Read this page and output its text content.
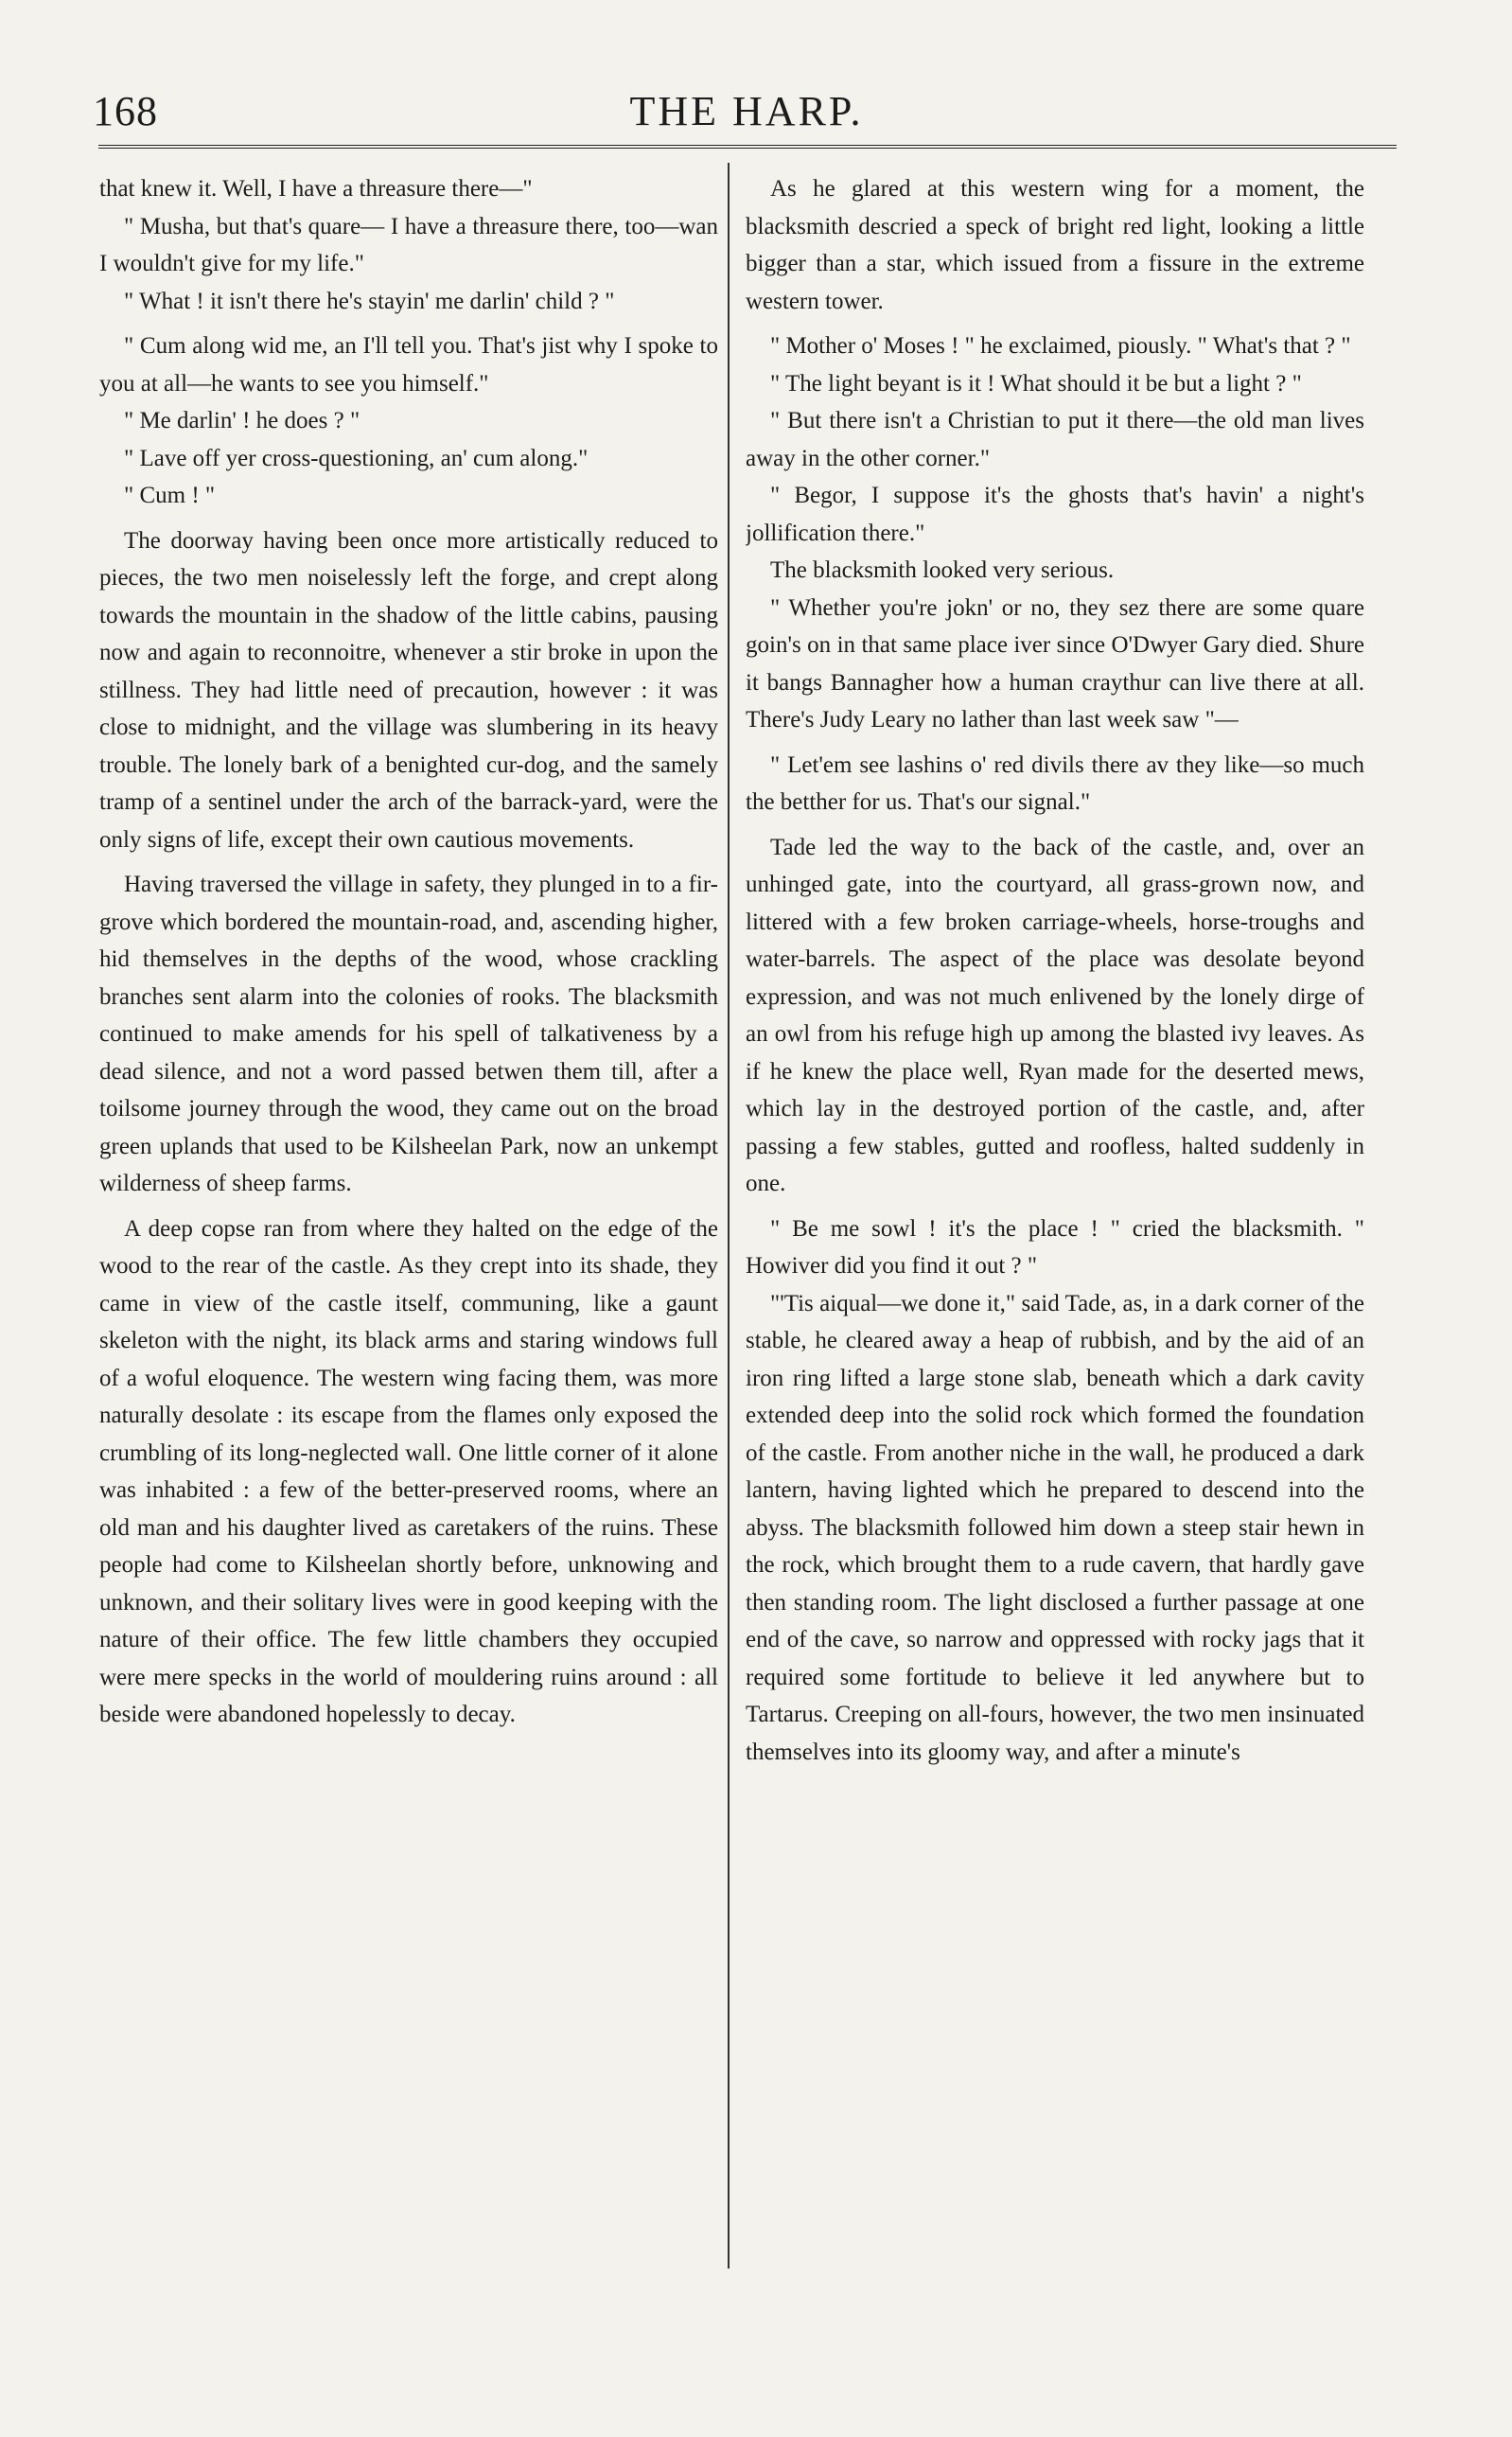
168	THE HARP.

that knew it. Well, I have a threasure there—"

" Musha, but that's quare— I have a threasure there, too—wan I wouldn't give for my life."

" What ! it isn't there he's stayin' me darlin' child ? "

" Cum along wid me, an I'll tell you. That's jist why I spoke to you at all—he wants to see you himself."

" Me darlin' ! he does ? "

" Lave off yer cross-questioning, an' cum along."

" Cum ! "

The doorway having been once more artistically reduced to pieces, the two men noiselessly left the forge, and crept along towards the mountain in the shadow of the little cabins, pausing now and again to reconnoitre, whenever a stir broke in upon the stillness. They had little need of precaution, however : it was close to midnight, and the village was slumbering in its heavy trouble. The lonely bark of a benighted cur-dog, and the samely tramp of a sentinel under the arch of the barrack-yard, were the only signs of life, except their own cautious movements.

Having traversed the village in safety, they plunged in to a fir-grove which bordered the mountain-road, and, ascending higher, hid themselves in the depths of the wood, whose crackling branches sent alarm into the colonies of rooks. The blacksmith continued to make amends for his spell of talkativeness by a dead silence, and not a word passed betwen them till, after a toilsome journey through the wood, they came out on the broad green uplands that used to be Kilsheelan Park, now an unkempt wilderness of sheep farms.

A deep copse ran from where they halted on the edge of the wood to the rear of the castle. As they crept into its shade, they came in view of the castle itself, communing, like a gaunt skeleton with the night, its black arms and staring windows full of a woful eloquence. The western wing facing them, was more naturally desolate : its escape from the flames only exposed the crumbling of its long-neglected wall. One little corner of it alone was inhabited : a few of the better-preserved rooms, where an old man and his daughter lived as caretakers of the ruins. These people had come to Kilsheelan shortly before, unknowing and unknown, and their solitary lives were in good keeping with the nature of their office. The few little chambers they occupied were mere specks in the world of mouldering ruins around : all beside were abandoned hopelessly to decay.

As he glared at this western wing for a moment, the blacksmith descried a speck of bright red light, looking a little bigger than a star, which issued from a fissure in the extreme western tower.

" Mother o' Moses ! " he exclaimed, piously. " What's that ? "

" The light beyant is it ! What should it be but a light ? "

" But there isn't a Christian to put it there—the old man lives away in the other corner."

" Begor, I suppose it's the ghosts that's havin' a night's jollification there."

The blacksmith looked very serious.

" Whether you're jokn' or no, they sez there are some quare goin's on in that same place iver since O'Dwyer Gary died. Shure it bangs Bannagher how a human craythur can live there at all. There's Judy Leary no lather than last week saw "—

" Let'em see lashins o' red divils there av they like—so much the betther for us. That's our signal."

Tade led the way to the back of the castle, and, over an unhinged gate, into the courtyard, all grass-grown now, and littered with a few broken carriage-wheels, horse-troughs and water-barrels. The aspect of the place was desolate beyond expression, and was not much enlivened by the lonely dirge of an owl from his refuge high up among the blasted ivy leaves. As if he knew the place well, Ryan made for the deserted mews, which lay in the destroyed portion of the castle, and, after passing a few stables, gutted and roofless, halted suddenly in one.

" Be me sowl ! it's the place ! " cried the blacksmith. " Howiver did you find it out ? "

"'Tis aiqual—we done it," said Tade, as, in a dark corner of the stable, he cleared away a heap of rubbish, and by the aid of an iron ring lifted a large stone slab, beneath which a dark cavity extended deep into the solid rock which formed the foundation of the castle. From another niche in the wall, he produced a dark lantern, having lighted which he prepared to descend into the abyss. The blacksmith followed him down a steep stair hewn in the rock, which brought them to a rude cavern, that hardly gave then standing room. The light disclosed a further passage at one end of the cave, so narrow and oppressed with rocky jags that it required some fortitude to believe it led anywhere but to Tartarus. Creeping on all-fours, however, the two men insinuated themselves into its gloomy way, and after a minute's
